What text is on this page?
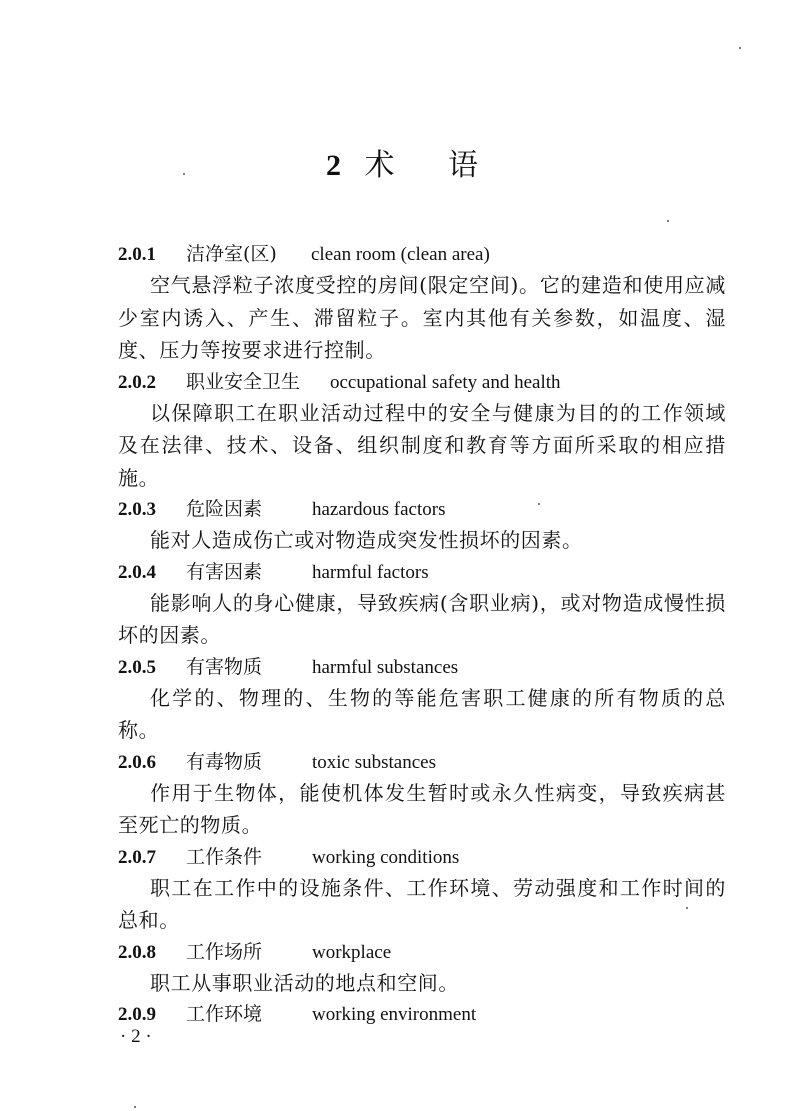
2 术 语
2.0.1 洁净室(区) clean room (clean area)

空气悬浮粒子浓度受控的房间(限定空间)。它的建造和使用应减少室内诱入、产生、滞留粒子。室内其他有关参数，如温度、湿度、压力等按要求进行控制。

2.0.2 职业安全卫生 occupational safety and health

以保障职工在职业活动过程中的安全与健康为目的的工作领域及在法律、技术、设备、组织制度和教育等方面所采取的相应措施。

2.0.3 危险因素	hazardous factors

能对人造成伤亡或对物造成突发性损坏的因素。

2.0.4 有害因素	harmful factors

能影响人的身心健康，导致疾病(含职业病)，或对物造成慢性损坏的因素。

2.0.5 有害物质	harmful substances

化学的、物理的、生物的等能危害职工健康的所有物质的总称。

2.0.6 有毒物质	toxic substances

作用于生物体，能使机体发生暂时或永久性病变，导致疾病甚至死亡的物质。

2.0.7 工作条件	working conditions

职工在工作中的设施条件、工作环境、劳动强度和工作时间的总和。

2.0.8 工作场所	workplace

职工从事职业活动的地点和空间。

2.0.9 工作环境	working environment
· 2 ·
